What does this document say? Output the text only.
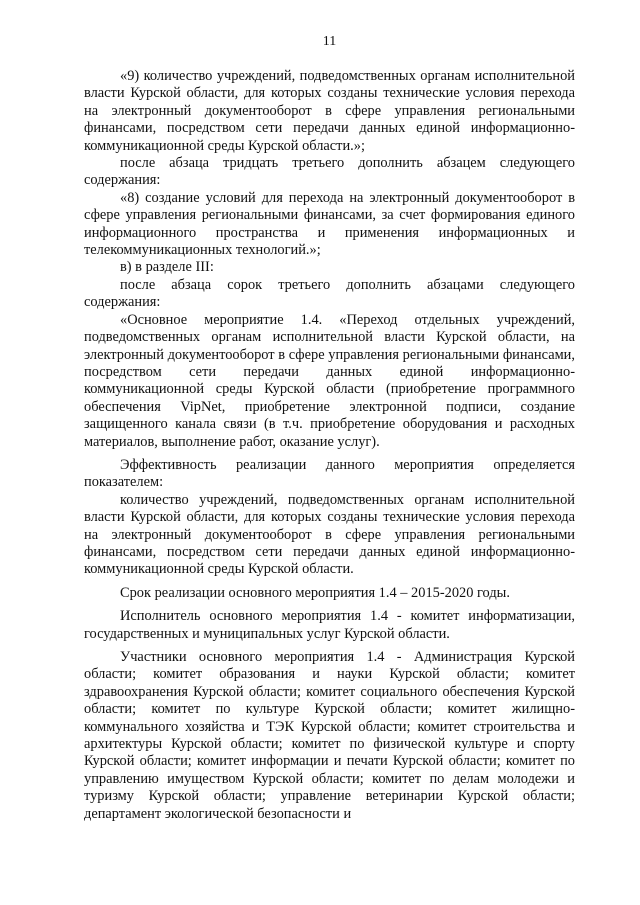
11

«9) количество учреждений, подведомственных органам исполнительной власти Курской области, для которых созданы технические условия перехода на электронный документооборот в сфере управления региональными финансами, посредством сети передачи данных единой информационно-коммуникационной среды Курской области.»;

после абзаца тридцать третьего дополнить абзацем следующего содержания:

«8) создание условий для перехода на электронный документооборот в сфере управления региональными финансами, за счет формирования единого информационного пространства и применения информационных и телекоммуникационных технологий.»;

в) в разделе III:

после абзаца сорок третьего дополнить абзацами следующего содержания:

«Основное мероприятие 1.4. «Переход отдельных учреждений, подведомственных органам исполнительной власти Курской области, на электронный документооборот в сфере управления региональными финансами, посредством сети передачи данных единой информационно-коммуникационной среды Курской области (приобретение программного обеспечения VipNet, приобретение электронной подписи, создание защищенного канала связи (в т.ч. приобретение оборудования и расходных материалов, выполнение работ, оказание услуг).

Эффективность реализации данного мероприятия определяется показателем:

количество учреждений, подведомственных органам исполнительной власти Курской области, для которых созданы технические условия перехода на электронный документооборот в сфере управления региональными финансами, посредством сети передачи данных единой информационно-коммуникационной среды Курской области.

Срок реализации основного мероприятия 1.4 – 2015-2020 годы.

Исполнитель основного мероприятия 1.4 - комитет информатизации, государственных и муниципальных услуг Курской области.

Участники основного мероприятия 1.4 - Администрация Курской области; комитет образования и науки Курской области; комитет здравоохранения Курской области; комитет социального обеспечения Курской области; комитет по культуре Курской области; комитет жилищно-коммунального хозяйства и ТЭК Курской области; комитет строительства и архитектуры Курской области; комитет по физической культуре и спорту Курской области; комитет информации и печати Курской области; комитет по управлению имуществом Курской области; комитет по делам молодежи и туризму Курской области; управление ветеринарии Курской области; департамент экологической безопасности и
